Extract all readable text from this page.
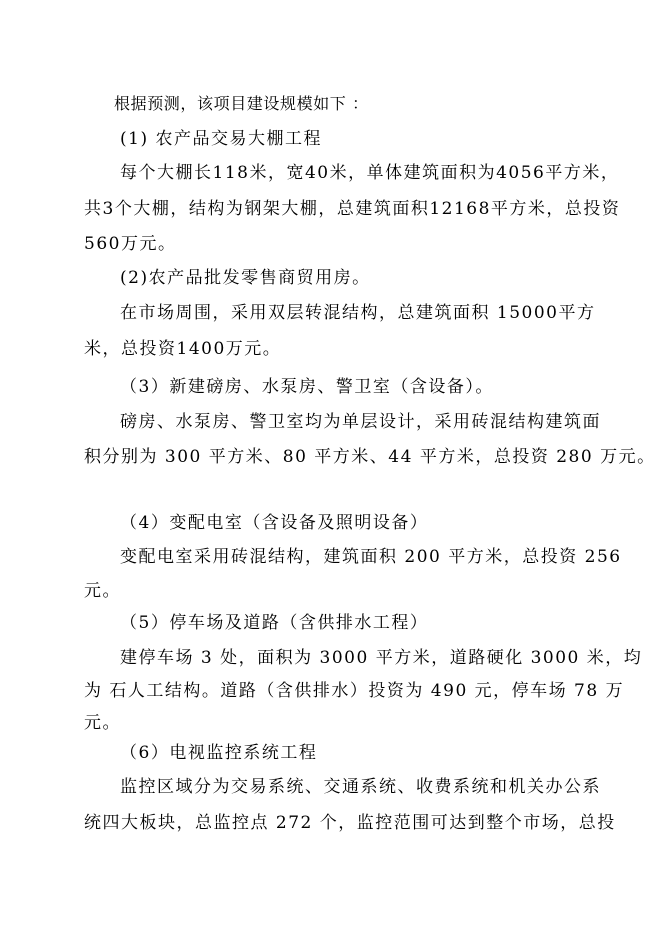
根据预测，该项目建设规模如下 ：
(1) 农产品交易大棚工程
每个大棚长118米，宽40米，单体建筑面积为4056平方米，
共3个大棚，结构为钢架大棚，总建筑面积12168平方米，总投资
560万元。
(2)农产品批发零售商贸用房。
在市场周围，采用双层转混结构，总建筑面积 15000平方
米，总投资1400万元。
（3）新建磅房、水泵房、警卫室（含设备）。
磅房、水泵房、警卫室均为单层设计，采用砖混结构建筑面
积分别为 300 平方米、80 平方米、44 平方米，总投资 280 万元。
（4）变配电室（含设备及照明设备）
变配电室采用砖混结构，建筑面积 200 平方米，总投资 256
元。
（5）停车场及道路（含供排水工程）
建停车场 3 处，面积为 3000 平方米，道路硬化 3000 米，均
为 石人工结构。道路（含供排水）投资为 490 元，停车场 78 万
元。
（6）电视监控系统工程
监控区域分为交易系统、交通系统、收费系统和机关办公系
统四大板块，总监控点 272 个，监控范围可达到整个市场，总投
